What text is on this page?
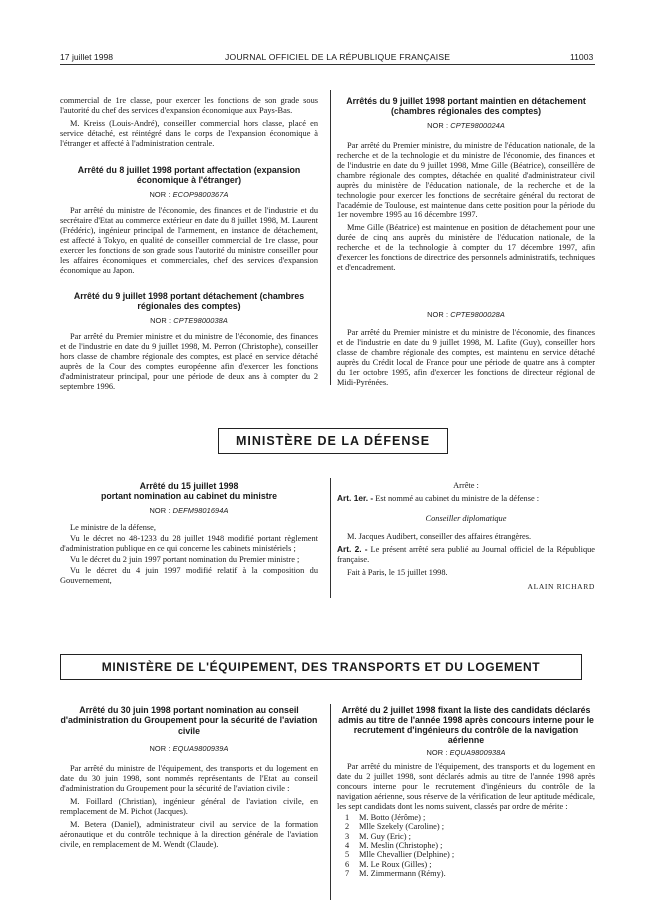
17 juillet 1998	JOURNAL OFFICIEL DE LA RÉPUBLIQUE FRANÇAISE	11003

commercial de 1re classe, pour exercer les fonctions de son grade sous l'autorité du chef des services d'expansion économique aux Pays-Bas.

M. Kreiss (Louis-André), conseiller commercial hors classe, placé en service détaché, est réintégré dans le corps de l'expansion économique à l'étranger et affecté à l'administration centrale.

Arrêté du 8 juillet 1998 portant affectation (expansion économique à l'étranger)

NOR : ECOP9800367A

Par arrêté du ministre de l'économie, des finances et de l'industrie et du secrétaire d'Etat au commerce extérieur en date du 8 juillet 1998, M. Laurent (Frédéric), ingénieur principal de l'armement, en instance de détachement, est affecté à Tokyo, en qualité de conseiller commercial de 1re classe, pour exercer les fonctions de son grade sous l'autorité du ministre conseiller pour les affaires économiques et commerciales, chef des services d'expansion économique au Japon.

Arrêté du 9 juillet 1998 portant détachement (chambres régionales des comptes)

NOR : CPTE9800038A

Par arrêté du Premier ministre et du ministre de l'économie, des finances et de l'industrie en date du 9 juillet 1998, M. Perron (Christophe), conseiller hors classe de chambre régionale des comptes, est placé en service détaché auprès de la Cour des comptes européenne afin d'exercer les fonctions d'administrateur principal, pour une période de deux ans à compter du 2 septembre 1996.

Arrêtés du 9 juillet 1998 portant maintien en détachement (chambres régionales des comptes)

NOR : CPTE9800024A

Par arrêté du Premier ministre, du ministre de l'éducation nationale, de la recherche et de la technologie et du ministre de l'économie, des finances et de l'industrie en date du 9 juillet 1998, Mme Gille (Béatrice), conseillère de chambre régionale des comptes, détachée en qualité d'administrateur civil auprès du ministère de l'éducation nationale, de la recherche et de la technologie pour exercer les fonctions de secrétaire général du rectorat de l'académie de Toulouse, est maintenue dans cette position pour la période du 1er novembre 1995 au 16 décembre 1997.

Mme Gille (Béatrice) est maintenue en position de détachement pour une durée de cinq ans auprès du ministère de l'éducation nationale, de la recherche et de la technologie à compter du 17 décembre 1997, afin d'exercer les fonctions de directrice des personnels administratifs, techniques et d'encadrement.

NOR : CPTE9800028A

Par arrêté du Premier ministre et du ministre de l'économie, des finances et de l'industrie en date du 9 juillet 1998, M. Lafite (Guy), conseiller hors classe de chambre régionale des comptes, est maintenu en service détaché auprès du Crédit local de France pour une période de quatre ans à compter du 1er octobre 1995, afin d'exercer les fonctions de directeur régional de Midi-Pyrénées.

MINISTÈRE DE LA DÉFENSE

Arrêté du 15 juillet 1998

portant nomination au cabinet du ministre

NOR : DEFM9801694A

Le ministre de la défense,

Vu le décret no 48-1233 du 28 juillet 1948 modifié portant règlement d'administration publique en ce qui concerne les cabinets ministériels ;

Vu le décret du 2 juin 1997 portant nomination du Premier ministre ;

Vu le décret du 4 juin 1997 modifié relatif à la composition du Gouvernement,

Arrête :

Art. 1er. - Est nommé au cabinet du ministre de la défense :

Conseiller diplomatique

M. Jacques Audibert, conseiller des affaires étrangères.

Art. 2. - Le présent arrêté sera publié au Journal officiel de la République française.

Fait à Paris, le 15 juillet 1998.

ALAIN RICHARD

MINISTÈRE DE L'ÉQUIPEMENT, DES TRANSPORTS ET DU LOGEMENT

Arrêté du 30 juin 1998 portant nomination au conseil d'administration du Groupement pour la sécurité de l'aviation civile

NOR : EQUA9800939A

Par arrêté du ministre de l'équipement, des transports et du logement en date du 30 juin 1998, sont nommés représentants de l'Etat au conseil d'administration du Groupement pour la sécurité de l'aviation civile :

M. Foillard (Christian), ingénieur général de l'aviation civile, en remplacement de M. Pichot (Jacques).

M. Betera (Daniel), administrateur civil au service de la formation aéronautique et du contrôle technique à la direction générale de l'aviation civile, en remplacement de M. Wendt (Claude).

Arrêté du 2 juillet 1998 fixant la liste des candidats déclarés admis au titre de l'année 1998 après concours interne pour le recrutement d'ingénieurs du contrôle de la navigation aérienne

NOR : EQUA9800938A

Par arrêté du ministre de l'équipement, des transports et du logement en date du 2 juillet 1998, sont déclarés admis au titre de l'année 1998 après concours interne pour le recrutement d'ingénieurs du contrôle de la navigation aérienne, sous réserve de la vérification de leur aptitude médicale, les sept candidats dont les noms suivent, classés par ordre de mérite :

1	M. Botto (Jérôme) ;
2	Mlle Szekely (Caroline) ;
3	M. Guy (Eric) ;
4	M. Meslin (Christophe) ;
5	Mlle Chevallier (Delphine) ;
6	M. Le Roux (Gilles) ;
7	M. Zimmermann (Rémy).
